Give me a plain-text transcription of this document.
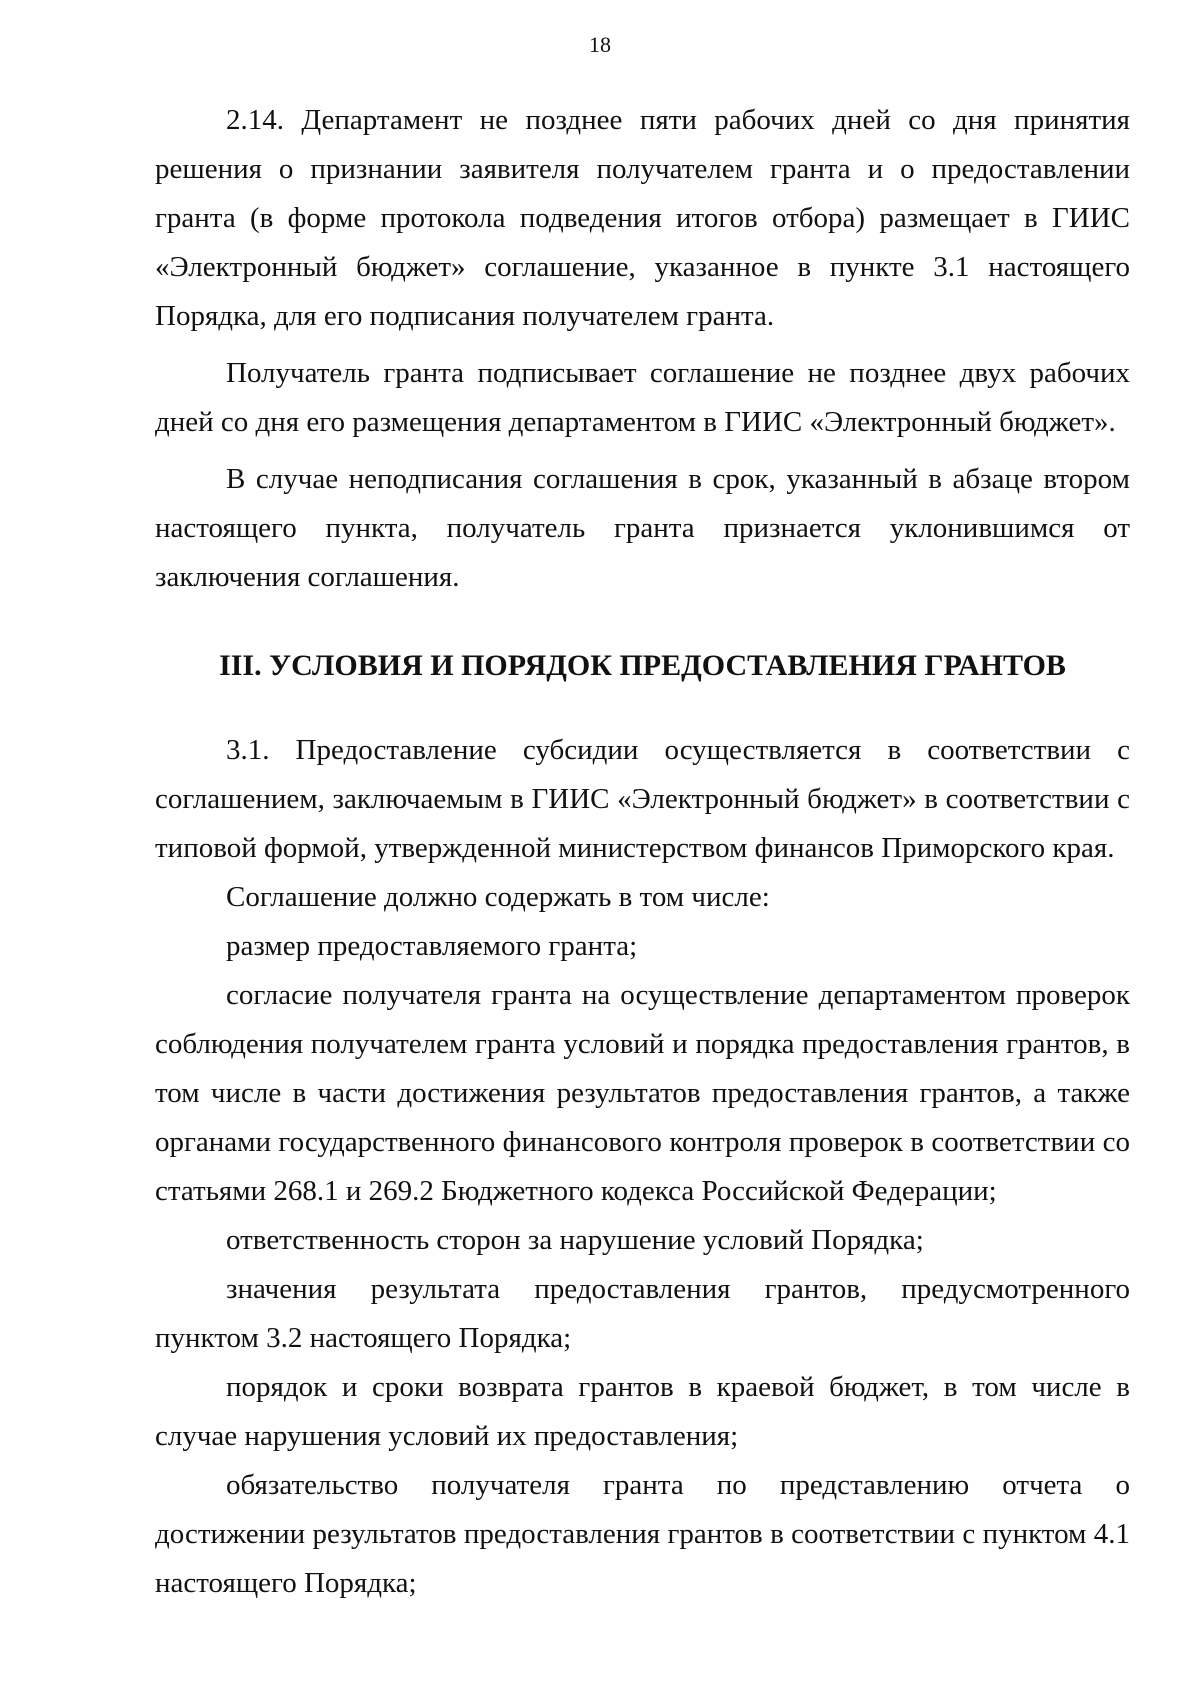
18

2.14. Департамент не позднее пяти рабочих дней со дня принятия решения о признании заявителя получателем гранта и о предоставлении гранта (в форме протокола подведения итогов отбора) размещает в ГИИС «Электронный бюджет» соглашение, указанное в пункте 3.1 настоящего Порядка, для его подписания получателем гранта.

Получатель гранта подписывает соглашение не позднее двух рабочих дней со дня его размещения департаментом в ГИИС «Электронный бюджет».

В случае неподписания соглашения в срок, указанный в абзаце втором настоящего пункта, получатель гранта признается уклонившимся от заключения соглашения.

III. УСЛОВИЯ И ПОРЯДОК ПРЕДОСТАВЛЕНИЯ ГРАНТОВ

3.1. Предоставление субсидии осуществляется в соответствии с соглашением, заключаемым в ГИИС «Электронный бюджет» в соответствии с типовой формой, утвержденной министерством финансов Приморского края.

Соглашение должно содержать в том числе:

размер предоставляемого гранта;

согласие получателя гранта на осуществление департаментом проверок соблюдения получателем гранта условий и порядка предоставления грантов, в том числе в части достижения результатов предоставления грантов, а также органами государственного финансового контроля проверок в соответствии со статьями 268.1 и 269.2 Бюджетного кодекса Российской Федерации;

ответственность сторон за нарушение условий Порядка;

значения результата предоставления грантов, предусмотренного пунктом 3.2 настоящего Порядка;

порядок и сроки возврата грантов в краевой бюджет, в том числе в случае нарушения условий их предоставления;

обязательство получателя гранта по представлению отчета о достижении результатов предоставления грантов в соответствии с пунктом 4.1 настоящего Порядка;
